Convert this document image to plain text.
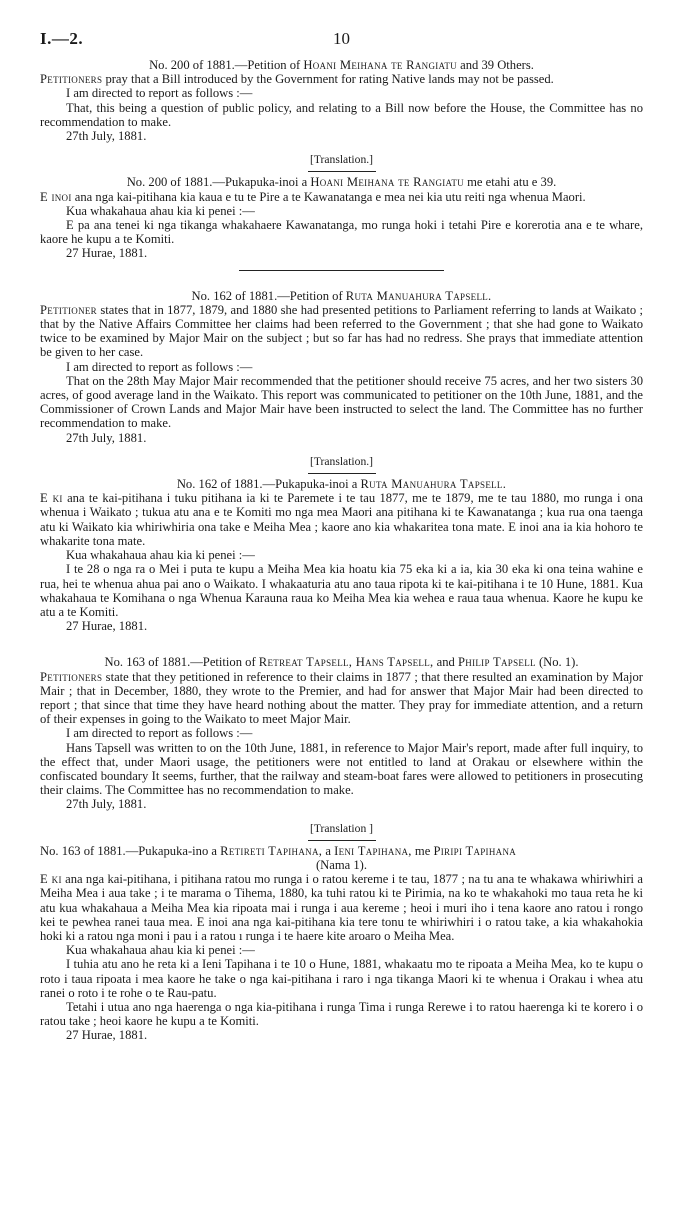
I.—2.	10

No. 200 of 1881.—Petition of Hoani Meihana te Rangiatu and 39 Others.

Petitioners pray that a Bill introduced by the Government for rating Native lands may not be passed.

I am directed to report as follows :—

That, this being a question of public policy, and relating to a Bill now before the House, the Committee has no recommendation to make.

27th July, 1881.

[Translation.]

No. 200 of 1881.—Pukapuka-inoi a Hoani Meihana te Rangiatu me etahi atu e 39.

E inoi ana nga kai-pitihana kia kaua e tu te Pire a te Kawanatanga e mea nei kia utu reiti nga whenua Maori.

Kua whakahaua ahau kia ki penei :—

E pa ana tenei ki nga tikanga whakahaere Kawanatanga, mo runga hoki i tetahi Pire e korerotia ana e te whare, kaore he kupu a te Komiti.

27 Hurae, 1881.

No. 162 of 1881.—Petition of Ruta Manuahura Tapsell.

Petitioner states that in 1877, 1879, and 1880 she had presented petitions to Parliament referring to lands at Waikato ; that by the Native Affairs Committee her claims had been referred to the Government ; that she had gone to Waikato twice to be examined by Major Mair on the subject ; but so far has had no redress. She prays that immediate attention be given to her case.

I am directed to report as follows :—

That on the 28th May Major Mair recommended that the petitioner should receive 75 acres, and her two sisters 30 acres, of good average land in the Waikato. This report was communicated to petitioner on the 10th June, 1881, and the Commissioner of Crown Lands and Major Mair have been instructed to select the land. The Committee has no further recommendation to make.

27th July, 1881.

[Translation.]

No. 162 of 1881.—Pukapuka-inoi a Ruta Manuahura Tapsell.

E ki ana te kai-pitihana i tuku pitihana ia ki te Paremete i te tau 1877, me te 1879, me te tau 1880, mo runga i ona whenua i Waikato ; tukua atu ana e te Komiti mo nga mea Maori ana pitihana ki te Kawanatanga ; kua rua ona taenga atu ki Waikato kia whiriwhiria ona take e Meiha Mea ; kaore ano kia whakaritea tona mate. E inoi ana ia kia hohoro te whakarite tona mate.

Kua whakahaua ahau kia ki penei :—

I te 28 o nga ra o Mei i puta te kupu a Meiha Mea kia hoatu kia 75 eka ki a ia, kia 30 eka ki ona teina wahine e rua, hei te whenua ahua pai ano o Waikato. I whakaaturia atu ano taua ripota ki te kai-pitihana i te 10 Hune, 1881. Kua whakahaua te Komihana o nga Whenua Karauna raua ko Meiha Mea kia wehea e raua taua whenua. Kaore he kupu ke atu a te Komiti.

27 Hurae, 1881.

No. 163 of 1881.—Petition of Retreat Tapsell, Hans Tapsell, and Philip Tapsell (No. 1).

Petitioners state that they petitioned in reference to their claims in 1877 ; that there resulted an examination by Major Mair ; that in December, 1880, they wrote to the Premier, and had for answer that Major Mair had been directed to report ; that since that time they have heard nothing about the matter. They pray for immediate attention, and a return of their expenses in going to the Waikato to meet Major Mair.

I am directed to report as follows :—

Hans Tapsell was written to on the 10th June, 1881, in reference to Major Mair's report, made after full inquiry, to the effect that, under Maori usage, the petitioners were not entitled to land at Orakau or elsewhere within the confiscated boundary It seems, further, that the railway and steam-boat fares were allowed to petitioners in prosecuting their claims. The Committee has no recommendation to make.

27th July, 1881.

[Translation ]

No. 163 of 1881.—Pukapuka-ino a Retireti Tapihana, a Ieni Tapihana, me Piripi Tapihana

(Nama 1).

E ki ana nga kai-pitihana, i pitihana ratou mo runga i o ratou kereme i te tau, 1877 ; na tu ana te whakawa whiriwhiri a Meiha Mea i aua take ; i te marama o Tihema, 1880, ka tuhi ratou ki te Pirimia, na ko te whakahoki mo taua reta he ki atu kua whakahaua a Meiha Mea kia ripoata mai i runga i aua kereme ; heoi i muri iho i tena kaore ano ratou i rongo kei te pewhea ranei taua mea. E inoi ana nga kai-pitihana kia tere tonu te whiriwhiri i o ratou take, a kia whakahokia hoki ki a ratou nga moni i pau i a ratou ı runga i te haere kite aroaro o Meiha Mea.

Kua whakahaua ahau kia ki penei :—

I tuhia atu ano he reta ki a Ieni Tapihana i te 10 o Hune, 1881, whakaatu mo te ripoata a Meiha Mea, ko te kupu o roto i taua ripoata i mea kaore he take o nga kai-pitihana i raro i nga tikanga Maori ki te whenua i Orakau i whea atu ranei o roto i te rohe o te Rau-patu.

Tetahi i utua ano nga haerenga o nga kia-pitihana i runga Tima i runga Rerewe i to ratou haerenga ki te korero i o ratou take ; heoi kaore he kupu a te Komiti.

27 Hurae, 1881.
